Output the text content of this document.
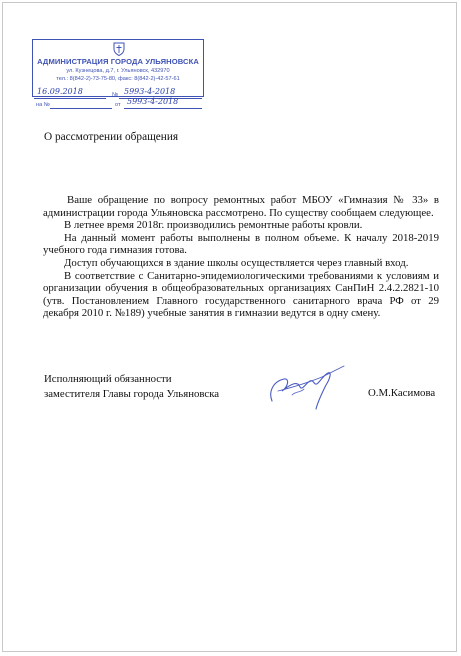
АДМИНИСТРАЦИЯ ГОРОДА УЛЬЯНОВСКА
ул. Кузнецова, д.7, г. Ульяновск, 432970
тел.: 8(842-2)-73-75-80, факс: 8(842-2)-42-57-61
16.09.2018	№ 5993-4-2018
на №	от 5993-4-2018
О рассмотрении обращения

Ваше обращение по вопросу ремонтных работ МБОУ «Гимназия № 33» в администрации города Ульяновска рассмотрено. По существу сообщаем следующее.

В летнее время 2018г. производились ремонтные работы кровли.

На данный момент работы выполнены в полном объеме. К началу 2018-2019 учебного года гимназия готова.

Доступ обучающихся в здание школы осуществляется через главный вход.

В соответствие с Санитарно-эпидемиологическими требованиями к условиям и организации обучения в общеобразовательных организациях СанПиН 2.4.2.2821-10 (утв. Постановлением Главного государственного санитарного врача РФ от 29 декабря 2010 г. №189) учебные занятия в гимназии ведутся в одну смену.

Исполняющий обязанности
заместителя Главы города Ульяновска	О.М.Касимова
